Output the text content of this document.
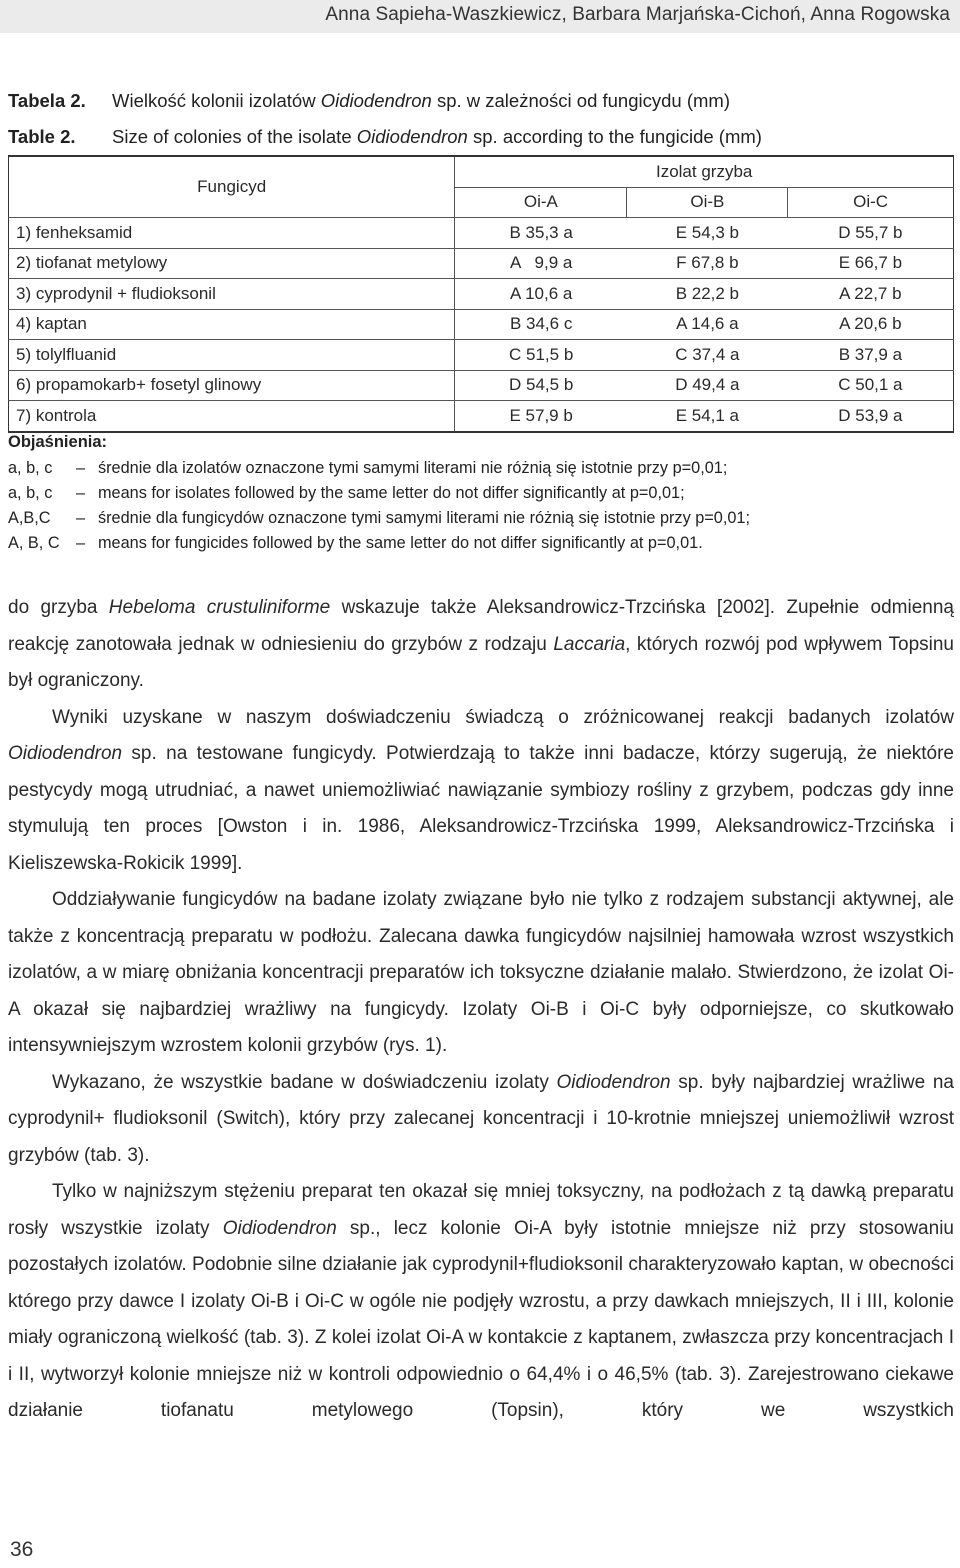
Anna Sapieha-Waszkiewicz, Barbara Marjańska-Cichoń, Anna Rogowska
Tabela 2. Wielkość kolonii izolatów Oidiodendron sp. w zależności od fungicydu (mm)
Table 2. Size of colonies of the isolate Oidiodendron sp. according to the fungicide (mm)
Fungicyd	Izolat grzyba		
	Oi-A	Oi-B	Oi-C
1) fenheksamid	B 35,3 a	E 54,3 b	D 55,7 b
2) tiofanat metylowy	A   9,9 a	F 67,8 b	E 66,7 b
3) cyprodynil + fludioksonil	A 10,6 a	B 22,2 b	A 22,7 b
4) kaptan	B 34,6 c	A 14,6 a	A 20,6 b
5) tolylfluanid	C 51,5 b	C 37,4 a	B 37,9 a
6) propamokarb+ fosetyl glinowy	D 54,5 b	D 49,4 a	C 50,1 a
7) kontrola	E 57,9 b	E 54,1 a	D 53,9 a
Objaśnienia:
a, b, c – średnie dla izolatów oznaczone tymi samymi literami nie różnią się istotnie przy p=0,01;
a, b, c – means for isolates followed by the same letter do not differ significantly at p=0,01;
A,B,C – średnie dla fungicydów oznaczone tymi samymi literami nie różnią się istotnie przy p=0,01;
A, B, C – means for fungicides followed by the same letter do not differ significantly at p=0,01.

do grzyba Hebeloma crustuliniforme wskazuje także Aleksandrowicz-Trzcińska [2002]. Zupełnie odmienną reakcję zanotowała jednak w odniesieniu do grzybów z rodzaju Laccaria, których rozwój pod wpływem Topsinu był ograniczony.

Wyniki uzyskane w naszym doświadczeniu świadczą o zróżnicowanej reakcji badanych izolatów Oidiodendron sp. na testowane fungicydy. Potwierdzają to także inni badacze, którzy sugerują, że niektóre pestycydy mogą utrudniać, a nawet uniemożliwiać nawiązanie symbiozy rośliny z grzybem, podczas gdy inne stymulują ten proces [Owston i in. 1986, Aleksandrowicz-Trzcińska 1999, Aleksandrowicz-Trzcińska i Kieliszewska-Rokicik 1999].

Oddziaływanie fungicydów na badane izolaty związane było nie tylko z rodzajem substancji aktywnej, ale także z koncentracją preparatu w podłożu. Zalecana dawka fungicydów najsilniej hamowała wzrost wszystkich izolatów, a w miarę obniżania koncentracji preparatów ich toksyczne działanie malało. Stwierdzono, że izolat Oi-A okazał się najbardziej wrażliwy na fungicydy. Izolaty Oi-B i Oi-C były odporniejsze, co skutkowało intensywniejszym wzrostem kolonii grzybów (rys. 1).

Wykazano, że wszystkie badane w doświadczeniu izolaty Oidiodendron sp. były najbardziej wrażliwe na cyprodynil+ fludioksonil (Switch), który przy zalecanej koncentracji i 10-krotnie mniejszej uniemożliwił wzrost grzybów (tab. 3).

Tylko w najniższym stężeniu preparat ten okazał się mniej toksyczny, na podłożach z tą dawką preparatu rosły wszystkie izolaty Oidiodendron sp., lecz kolonie Oi-A były istotnie mniejsze niż przy stosowaniu pozostałych izolatów. Podobnie silne działanie jak cyprodynil+fludioksonil charakteryzowało kaptan, w obecności którego przy dawce I izolaty Oi-B i Oi-C w ogóle nie podjęły wzrostu, a przy dawkach mniejszych, II i III, kolonie miały ograniczoną wielkość (tab. 3). Z kolei izolat Oi-A w kontakcie z kaptanem, zwłaszcza przy koncentracjach I i II, wytworzył kolonie mniejsze niż w kontroli odpowiednio o 64,4% i o 46,5% (tab. 3). Zarejestrowano ciekawe działanie tiofanatu metylowego (Topsin), który we wszystkich

36
